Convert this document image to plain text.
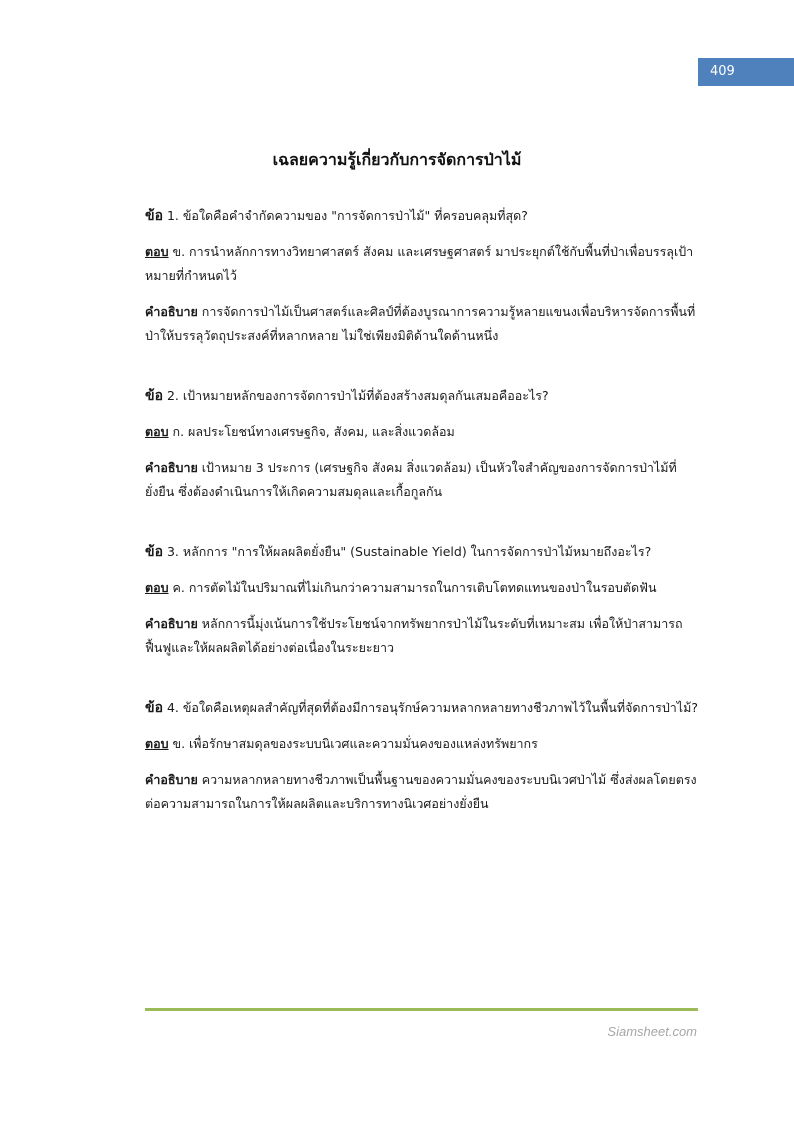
409
เฉลยความรู้เกี่ยวกับการจัดการป่าไม้

ข้อ 1. ข้อใดคือคำจำกัดความของ "การจัดการป่าไม้" ที่ครอบคลุมที่สุด?

ตอบ ข. การนำหลักการทางวิทยาศาสตร์ สังคม และเศรษฐศาสตร์ มาประยุกต์ใช้กับพื้นที่ป่าเพื่อบรรลุเป้าหมายที่กำหนดไว้

คำอธิบาย การจัดการป่าไม้เป็นศาสตร์และศิลป์ที่ต้องบูรณาการความรู้หลายแขนงเพื่อบริหารจัดการพื้นที่ป่าให้บรรลุวัตถุประสงค์ที่หลากหลาย ไม่ใช่เพียงมิติด้านใดด้านหนึ่ง

ข้อ 2. เป้าหมายหลักของการจัดการป่าไม้ที่ต้องสร้างสมดุลกันเสมอคืออะไร?

ตอบ ก. ผลประโยชน์ทางเศรษฐกิจ, สังคม, และสิ่งแวดล้อม

คำอธิบาย เป้าหมาย 3 ประการ (เศรษฐกิจ สังคม สิ่งแวดล้อม) เป็นหัวใจสำคัญของการจัดการป่าไม้ที่ยั่งยืน ซึ่งต้องดำเนินการให้เกิดความสมดุลและเกื้อกูลกัน

ข้อ 3. หลักการ "การให้ผลผลิตยั่งยืน" (Sustainable Yield) ในการจัดการป่าไม้หมายถึงอะไร?

ตอบ ค. การตัดไม้ในปริมาณที่ไม่เกินกว่าความสามารถในการเติบโตทดแทนของป่าในรอบตัดฟัน

คำอธิบาย หลักการนี้มุ่งเน้นการใช้ประโยชน์จากทรัพยากรป่าไม้ในระดับที่เหมาะสม เพื่อให้ป่าสามารถฟื้นฟูและให้ผลผลิตได้อย่างต่อเนื่องในระยะยาว

ข้อ 4. ข้อใดคือเหตุผลสำคัญที่สุดที่ต้องมีการอนุรักษ์ความหลากหลายทางชีวภาพไว้ในพื้นที่จัดการป่าไม้?

ตอบ ข. เพื่อรักษาสมดุลของระบบนิเวศและความมั่นคงของแหล่งทรัพยากร

คำอธิบาย ความหลากหลายทางชีวภาพเป็นพื้นฐานของความมั่นคงของระบบนิเวศป่าไม้ ซึ่งส่งผลโดยตรงต่อความสามารถในการให้ผลผลิตและบริการทางนิเวศอย่างยั่งยืน

Siamsheet.com
